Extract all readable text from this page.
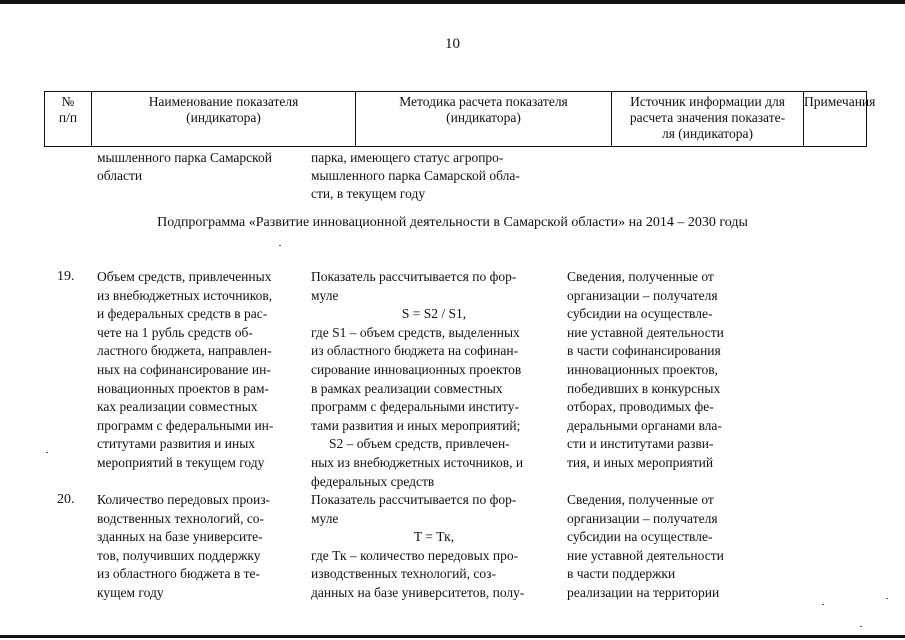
10
№
п/п
Наименование показателя
(индикатора)
Методика расчета показателя
(индикатора)
Источник информации для
расчета значения показате-
ля (индикатора)
Примечания
мышленного парка Самарской
области
парка, имеющего статус агропро-
мышленного парка Самарской обла-
сти, в текущем году
Подпрограмма «Развитие инновационной деятельности в Самарской области» на 2014 – 2030 годы
19. Объем средств, привлеченных
из внебюджетных источников,
и федеральных средств в рас-
чете на 1 рубль средств об-
ластного бюджета, направлен-
ных на софинансирование ин-
новационных проектов в рам-
ках реализации совместных
программ с федеральными ин-
ститутами развития и иных
мероприятий в текущем году
Показатель рассчитывается по фор-
муле
S = S2 / S1,
где S1 – объем средств, выделенных
из областного бюджета на софинан-
сирование инновационных проектов
в рамках реализации совместных
программ с федеральными институ-
тами развития и иных мероприятий;
S2 – объем средств, привлечен-
ных из внебюджетных источников, и
федеральных средств
Сведения, полученные от
организации – получателя
субсидии на осуществле-
ние уставной деятельности
в части софинансирования
инновационных проектов,
победивших в конкурсных
отборах, проводимых фе-
деральными органами вла-
сти и институтами разви-
тия, и иных мероприятий
20. Количество передовых произ-
водственных технологий, со-
зданных на базе университе-
тов, получивших поддержку
из областного бюджета в те-
кущем году
Показатель рассчитывается по фор-
муле
T = Тк,
где Тк – количество передовых про-
изводственных технологий, соз-
данных на базе университетов, полу-
Сведения, полученные от
организации – получателя
субсидии на осуществле-
ние уставной деятельности
в части поддержки
реализации на территории
